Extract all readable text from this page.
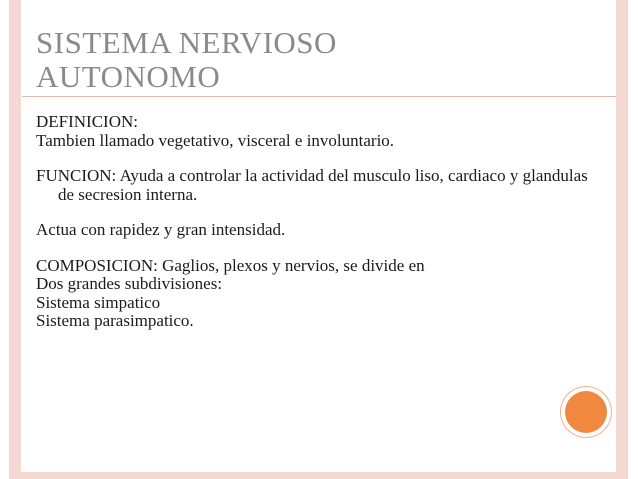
SISTEMA NERVIOSO
AUTONOMO

DEFINICION:

Tambien llamado vegetativo, visceral e involuntario.

FUNCION: Ayuda a controlar la actividad del musculo liso, cardiaco y glandulas de secresion interna.

Actua con rapidez y gran intensidad.

COMPOSICION: Gaglios, plexos y nervios, se divide en

Dos grandes subdivisiones:

Sistema simpatico

Sistema parasimpatico.
